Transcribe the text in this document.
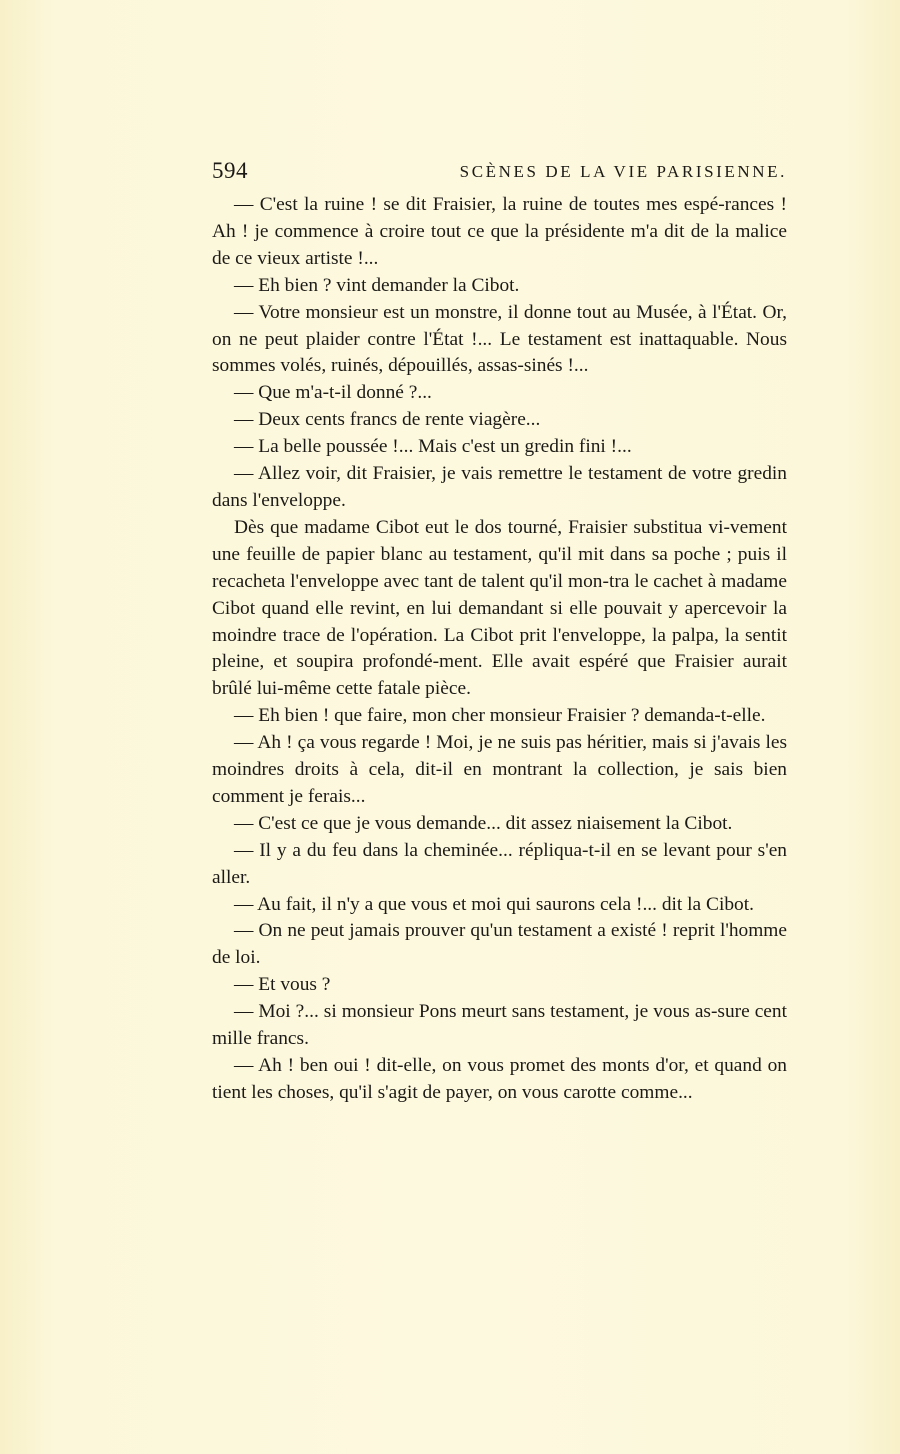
594	SCÈNES DE LA VIE PARISIENNE.

— C'est la ruine ! se dit Fraisier, la ruine de toutes mes espé-rances ! Ah ! je commence à croire tout ce que la présidente m'a dit de la malice de ce vieux artiste !...

— Eh bien ? vint demander la Cibot.

— Votre monsieur est un monstre, il donne tout au Musée, à l'État. Or, on ne peut plaider contre l'État !... Le testament est inattaquable. Nous sommes volés, ruinés, dépouillés, assas-sinés !...

— Que m'a-t-il donné ?...

— Deux cents francs de rente viagère...

— La belle poussée !... Mais c'est un gredin fini !...

— Allez voir, dit Fraisier, je vais remettre le testament de votre gredin dans l'enveloppe.

Dès que madame Cibot eut le dos tourné, Fraisier substitua vi-vement une feuille de papier blanc au testament, qu'il mit dans sa poche ; puis il recacheta l'enveloppe avec tant de talent qu'il mon-tra le cachet à madame Cibot quand elle revint, en lui demandant si elle pouvait y apercevoir la moindre trace de l'opération. La Cibot prit l'enveloppe, la palpa, la sentit pleine, et soupira profondé-ment. Elle avait espéré que Fraisier aurait brûlé lui-même cette fatale pièce.

— Eh bien ! que faire, mon cher monsieur Fraisier ? demanda-t-elle.

— Ah ! ça vous regarde ! Moi, je ne suis pas héritier, mais si j'avais les moindres droits à cela, dit-il en montrant la collection, je sais bien comment je ferais...

— C'est ce que je vous demande... dit assez niaisement la Cibot.

— Il y a du feu dans la cheminée... répliqua-t-il en se levant pour s'en aller.

— Au fait, il n'y a que vous et moi qui saurons cela !... dit la Cibot.

— On ne peut jamais prouver qu'un testament a existé ! reprit l'homme de loi.

— Et vous ?

— Moi ?... si monsieur Pons meurt sans testament, je vous as-sure cent mille francs.

— Ah ! ben oui ! dit-elle, on vous promet des monts d'or, et quand on tient les choses, qu'il s'agit de payer, on vous carotte comme...
